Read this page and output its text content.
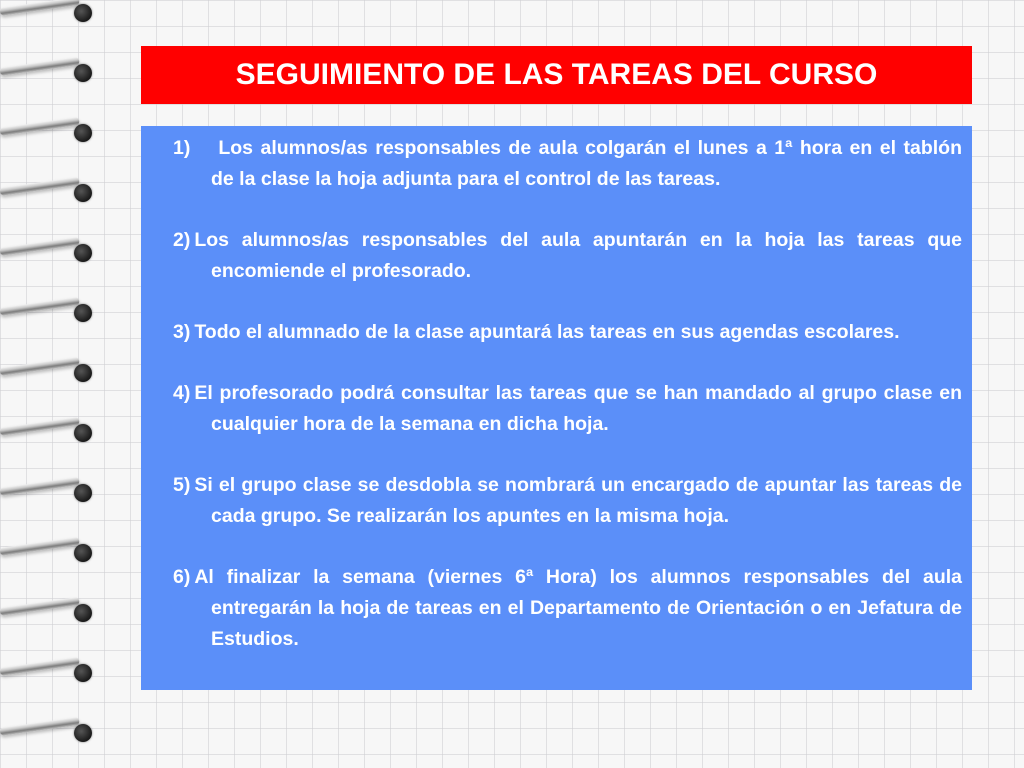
SEGUIMIENTO DE LAS TAREAS DEL CURSO
1) Los alumnos/as responsables de aula colgarán el lunes a 1ª hora en el tablón de la clase la hoja adjunta para el control de las tareas.
2) Los alumnos/as responsables del aula apuntarán en la hoja las tareas que encomiende el profesorado.
3) Todo el alumnado de la clase apuntará las tareas en sus agendas escolares.
4) El profesorado podrá consultar las tareas que se han mandado al grupo clase en cualquier hora de la semana en dicha hoja.
5) Si el grupo clase se desdobla se nombrará un encargado de apuntar las tareas de cada grupo. Se realizarán los apuntes en la misma hoja.
6) Al finalizar la semana (viernes 6ª Hora) los alumnos responsables del aula entregarán la hoja de tareas en el Departamento de Orientación o en Jefatura de Estudios.
